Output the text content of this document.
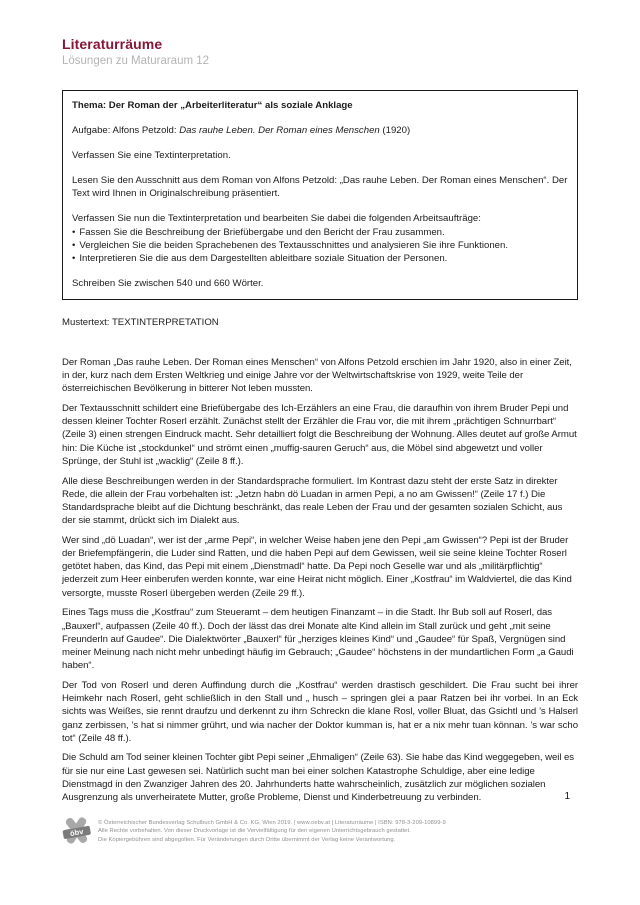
Literaturräume
Lösungen zu Maturaraum 12

Thema: Der Roman der „Arbeiterliteratur“ als soziale Anklage

Aufgabe: Alfons Petzold: Das rauhe Leben. Der Roman eines Menschen (1920)

Verfassen Sie eine Textinterpretation.

Lesen Sie den Ausschnitt aus dem Roman von Alfons Petzold: „Das rauhe Leben. Der Roman eines Menschen“. Der Text wird Ihnen in Originalschreibung präsentiert.

Verfassen Sie nun die Textinterpretation und bearbeiten Sie dabei die folgenden Arbeitsaufträge:

• Fassen Sie die Beschreibung der Briefübergabe und den Bericht der Frau zusammen.
• Vergleichen Sie die beiden Sprachebenen des Textausschnittes und analysieren Sie ihre Funktionen.
• Interpretieren Sie die aus dem Dargestellten ableitbare soziale Situation der Personen.

Schreiben Sie zwischen 540 und 660 Wörter.

Mustertext: TEXTINTERPRETATION

Der Roman „Das rauhe Leben. Der Roman eines Menschen“ von Alfons Petzold erschien im Jahr 1920, also in einer Zeit, in der, kurz nach dem Ersten Weltkrieg und einige Jahre vor der Weltwirtschaftskrise von 1929, weite Teile der österreichischen Bevölkerung in bitterer Not leben mussten.

Der Textausschnitt schildert eine Briefübergabe des Ich-Erzählers an eine Frau, die daraufhin von ihrem Bruder Pepi und dessen kleiner Tochter Roserl erzählt. Zunächst stellt der Erzähler die Frau vor, die mit ihrem „prächtigen Schnurrbart“ (Zeile 3) einen strengen Eindruck macht. Sehr detailliert folgt die Beschreibung der Wohnung. Alles deutet auf große Armut hin: Die Küche ist „stockdunkel“ und strömt einen „muffig-sauren Geruch“ aus, die Möbel sind abgewetzt und voller Sprünge, der Stuhl ist „wacklig“ (Zeile 8 ff.).

Alle diese Beschreibungen werden in der Standardsprache formuliert. Im Kontrast dazu steht der erste Satz in direkter Rede, die allein der Frau vorbehalten ist: „Jetzn habn dö Luadan in armen Pepi, a no am Gwissen!“ (Zeile 17 f.) Die Standardsprache bleibt auf die Dichtung beschränkt, das reale Leben der Frau und der gesamten sozialen Schicht, aus der sie stammt, drückt sich im Dialekt aus.

Wer sind „dö Luadan“, wer ist der „arme Pepi“, in welcher Weise haben jene den Pepi „am Gwissen“? Pepi ist der Bruder der Briefempfängerin, die Luder sind Ratten, und die haben Pepi auf dem Gewissen, weil sie seine kleine Tochter Roserl getötet haben, das Kind, das Pepi mit einem „Dienstmadl“ hatte. Da Pepi noch Geselle war und als „militärpflichtig“ jederzeit zum Heer einberufen werden konnte, war eine Heirat nicht möglich. Einer „Kostfrau“ im Waldviertel, die das Kind versorgte, musste Roserl übergeben werden (Zeile 29 ff.).

Eines Tags muss die „Kostfrau“ zum Steueramt – dem heutigen Finanzamt – in die Stadt. Ihr Bub soll auf Roserl, das „Bauxerl“, aufpassen (Zeile 40 ff.). Doch der lässt das drei Monate alte Kind allein im Stall zurück und geht „mit seine Freunderln auf Gaudee“. Die Dialektwörter „Bauxerl“ für „herziges kleines Kind“ und „Gaudee“ für Spaß, Vergnügen sind meiner Meinung nach nicht mehr unbedingt häufig im Gebrauch; „Gaudee“ höchstens in der mundartlichen Form „a Gaudi haben“.

Der Tod von Roserl und deren Auffindung durch die „Kostfrau“ werden drastisch geschildert. Die Frau sucht bei ihrer Heimkehr nach Roserl, geht schließlich in den Stall und „ husch – springen glei a paar Ratzen bei ihr vorbei. In an Eck sichts was Weißes, sie rennt draufzu und derkennt zu ihrn Schreckn die klane Rosl, voller Bluat, das Gsichtl und ’s Halserl ganz zerbissen, ’s hat si nimmer grührt, und wia nacher der Doktor kumman is, hat er a nix mehr tuan könnan. ’s war scho tot“ (Zeile 48 ff.).

Die Schuld am Tod seiner kleinen Tochter gibt Pepi seiner „Ehmaligen“ (Zeile 63). Sie habe das Kind weggegeben, weil es für sie nur eine Last gewesen sei. Natürlich sucht man bei einer solchen Katastrophe Schuldige, aber eine ledige Dienstmagd in den Zwanziger Jahren des 20. Jahrhunderts hatte wahrscheinlich, zusätzlich zur möglichen sozialen Ausgrenzung als unverheiratete Mutter, große Probleme, Dienst und Kinderbetreuung zu verbinden.	1
öbv
© Österreichischer Bundesverlag Schulbuch GmbH & Co. KG, Wien 2019. | www.oebv.at | Literaturräume | ISBN: 978-3-209-10899-9
Alle Rechte vorbehalten. Von dieser Druckvorlage ist die Vervielfältigung für den eigenen Unterrichtsgebrauch gestattet.
Die Kopiergebühren sind abgegolten. Für Veränderungen durch Dritte übernimmt der Verlag keine Verantwortung.
